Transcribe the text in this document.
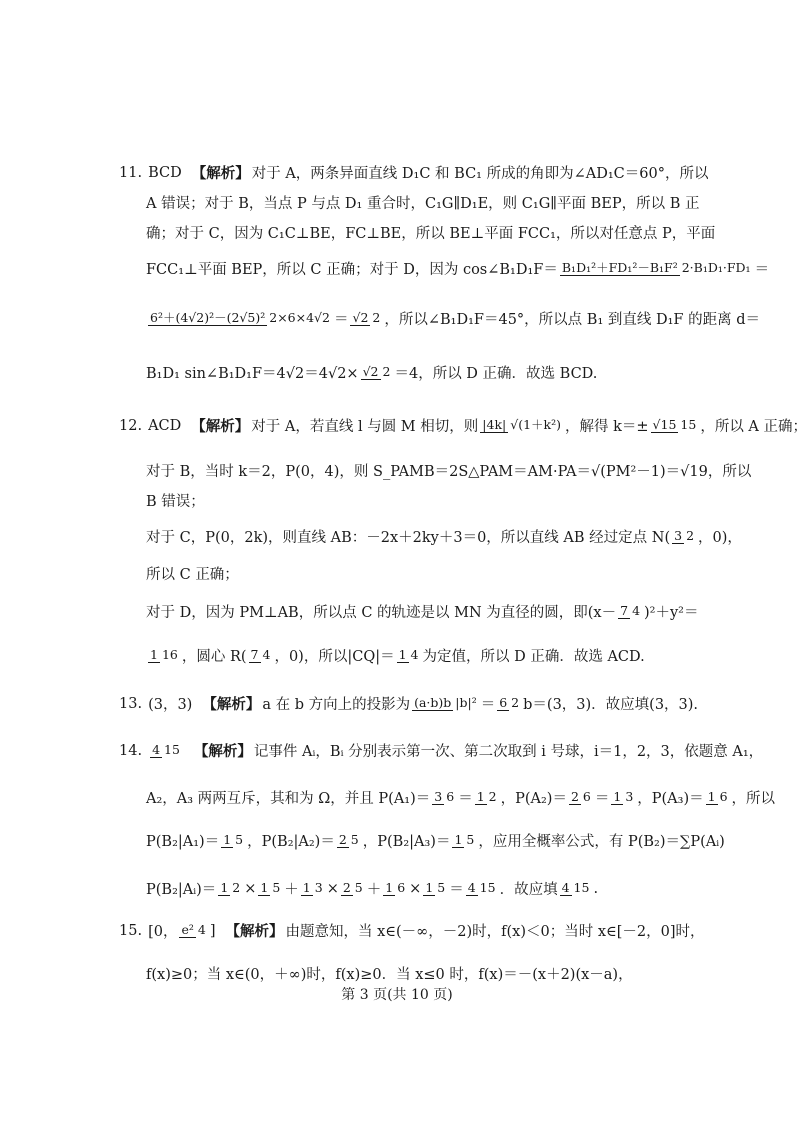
11. BCD 【解析】 对于 A，两条异面直线 D₁C 和 BC₁ 所成的角即为∠AD₁C＝60°，所以
A 错误；对于 B，当点 P 与点 D₁ 重合时，C₁G∥D₁E，则 C₁G∥平面 BEP，所以 B 正
确；对于 C，因为 C₁C⊥BE，FC⊥BE，所以 BE⊥平面 FCC₁，所以对任意点 P，平面
FCC₁⊥平面 BEP，所以 C 正确；对于 D，因为 cos∠B₁D₁F＝ B₁D₁²＋FD₁²－B₁F² 2·B₁D₁·FD₁ ＝
6²＋(4√2)²－(2√5)² 2×6×4√2 ＝ √2 2 ，所以∠B₁D₁F＝45°，所以点 B₁ 到直线 D₁F 的距离 d＝
B₁D₁ sin∠B₁D₁F＝4√2＝4√2× √2 2 ＝4，所以 D 正确．故选 BCD.
12. ACD 【解析】 对于 A，若直线 l 与圆 M 相切，则 |4k| √(1＋k²) ，解得 k＝± √15 15 ，所以 A 正确；
对于 B，当时 k＝2，P(0，4)，则 S_PAMB＝2S△PAM＝AM·PA＝√(PM²－1)＝√19，所以
B 错误；
对于 C，P(0，2k)，则直线 AB：－2x＋2ky＋3＝0，所以直线 AB 经过定点 N( 3 2 ，0)，
所以 C 正确；
对于 D，因为 PM⊥AB，所以点 C 的轨迹是以 MN 为直径的圆，即(x－ 7 4 )²＋y²＝
1 16 ，圆心 R( 7 4 ，0)，所以|CQ|＝ 1 4 为定值，所以 D 正确．故选 ACD.
13. (3，3) 【解析】 a 在 b 方向上的投影为 (a·b)b |b|² ＝ 6 2 b＝(3，3)．故应填(3，3).
14. 4 15 【解析】 记事件 Aᵢ，Bᵢ 分别表示第一次、第二次取到 i 号球，i＝1，2，3，依题意 A₁，
A₂，A₃ 两两互斥，其和为 Ω，并且 P(A₁)＝ 3 6 ＝ 1 2 ，P(A₂)＝ 2 6 ＝ 1 3 ，P(A₃)＝ 1 6 ，所以
P(B₂|A₁)＝ 1 5 ，P(B₂|A₂)＝ 2 5 ，P(B₂|A₃)＝ 1 5 ，应用全概率公式，有 P(B₂)＝∑P(Aᵢ)
P(B₂|Aᵢ)＝ 1 2 × 1 5 ＋ 1 3 × 2 5 ＋ 1 6 × 1 5 ＝ 4 15 ．故应填 4 15 .
15. [0， e² 4 ] 【解析】 由题意知，当 x∈(－∞，－2)时，f(x)＜0；当时 x∈[－2，0]时，
f(x)≥0；当 x∈(0，＋∞)时，f(x)≥0．当 x≤0 时，f(x)＝－(x＋2)(x－a)，
第 3 页(共 10 页)
